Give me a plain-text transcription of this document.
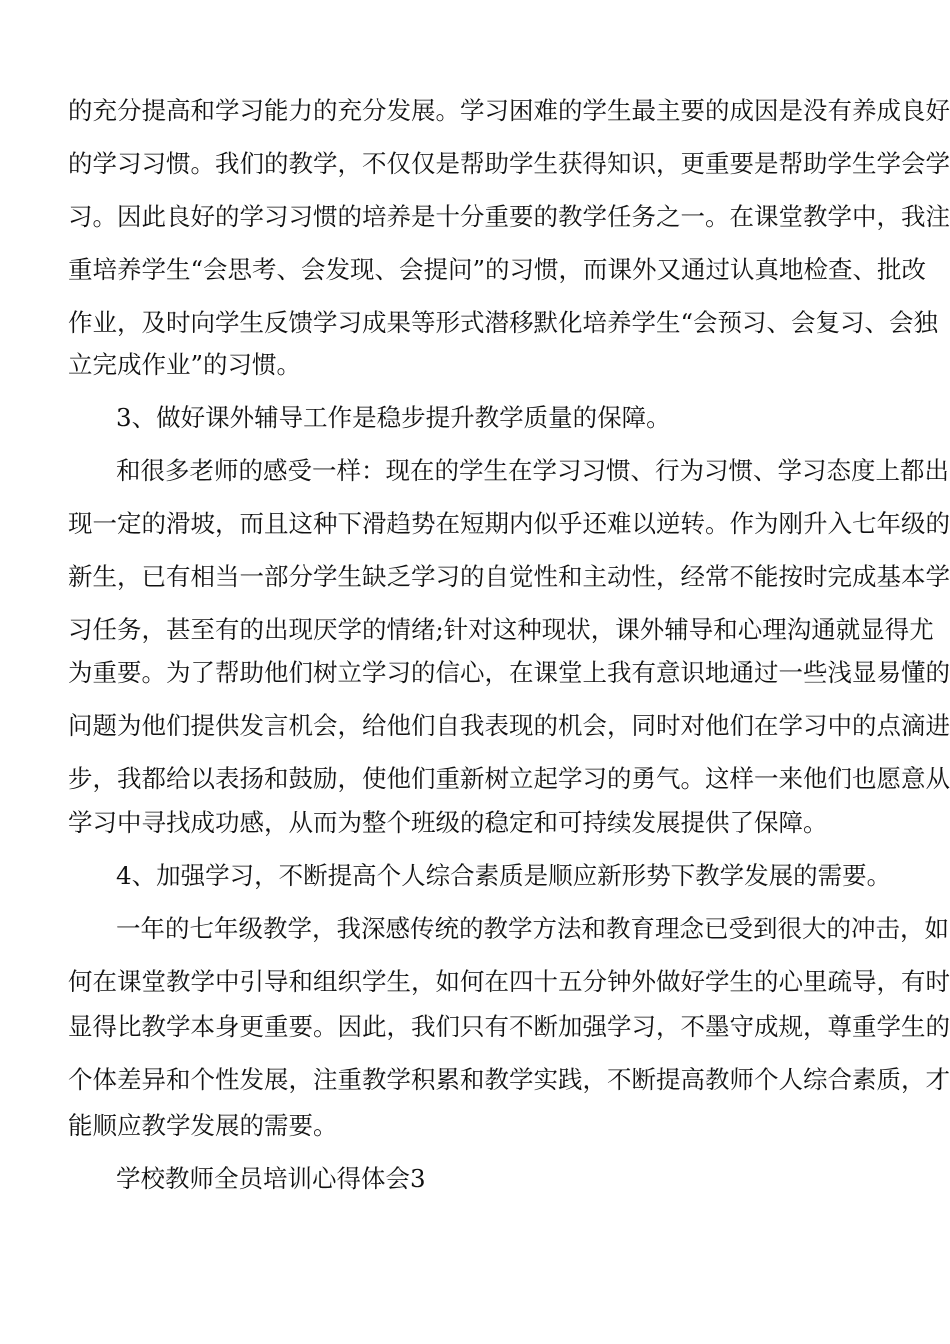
的充分提高和学习能力的充分发展。学习困难的学生最主要的成因是没有养成良好
的学习习惯。我们的教学，不仅仅是帮助学生获得知识，更重要是帮助学生学会学
习。因此良好的学习习惯的培养是十分重要的教学任务之一。在课堂教学中，我注
重培养学生“会思考、会发现、会提问”的习惯，而课外又通过认真地检查、批改
作业，及时向学生反馈学习成果等形式潜移默化培养学生“会预习、会复习、会独
立完成作业”的习惯。
3、做好课外辅导工作是稳步提升教学质量的保障。
和很多老师的感受一样：现在的学生在学习习惯、行为习惯、学习态度上都出
现一定的滑坡，而且这种下滑趋势在短期内似乎还难以逆转。作为刚升入七年级的
新生，已有相当一部分学生缺乏学习的自觉性和主动性，经常不能按时完成基本学
习任务，甚至有的出现厌学的情绪;针对这种现状，课外辅导和心理沟通就显得尤
为重要。为了帮助他们树立学习的信心，在课堂上我有意识地通过一些浅显易懂的
问题为他们提供发言机会，给他们自我表现的机会，同时对他们在学习中的点滴进
步，我都给以表扬和鼓励，使他们重新树立起学习的勇气。这样一来他们也愿意从
学习中寻找成功感，从而为整个班级的稳定和可持续发展提供了保障。
4、加强学习，不断提高个人综合素质是顺应新形势下教学发展的需要。
一年的七年级教学，我深感传统的教学方法和教育理念已受到很大的冲击，如
何在课堂教学中引导和组织学生，如何在四十五分钟外做好学生的心里疏导，有时
显得比教学本身更重要。因此，我们只有不断加强学习，不墨守成规，尊重学生的
个体差异和个性发展，注重教学积累和教学实践，不断提高教师个人综合素质，才
能顺应教学发展的需要。
学校教师全员培训心得体会3
